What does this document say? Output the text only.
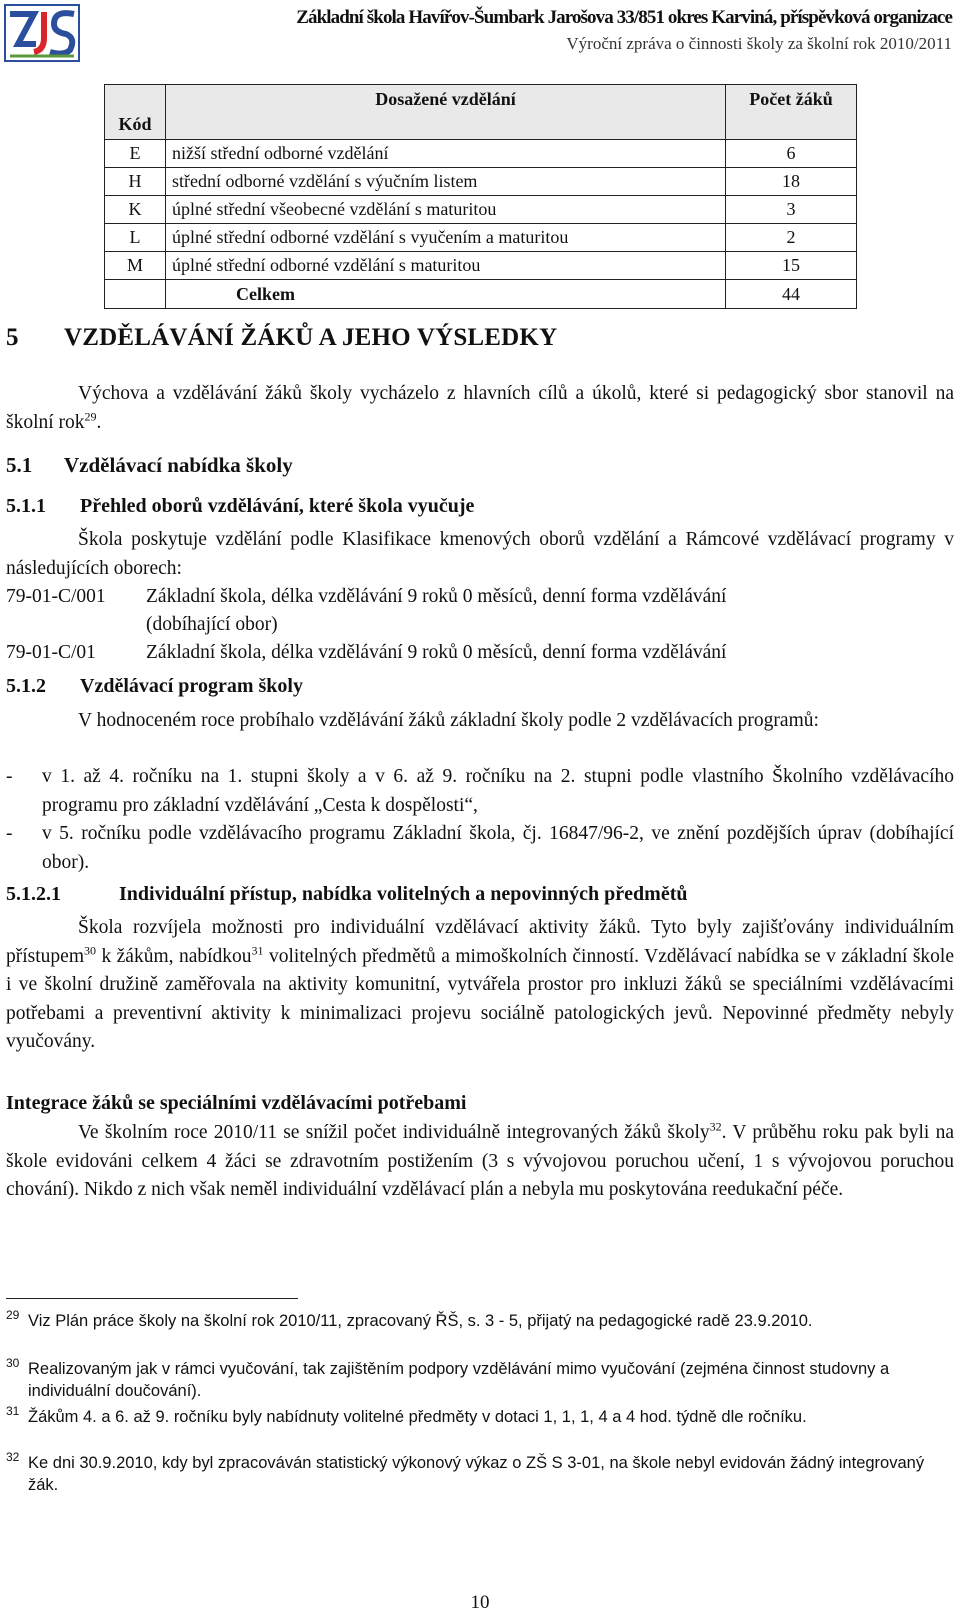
Základní škola Havířov-Šumbark Jarošova 33/851 okres Karviná, příspěvková organizace
Výroční zpráva o činnosti školy za školní rok 2010/2011
Kód	Dosažené vzdělání	Počet žáků

E	nižší střední odborné vzdělání	6
H	střední odborné vzdělání s výučním listem	18
K	úplné střední všeobecné vzdělání s maturitou	3
L	úplné střední odborné vzdělání s vyučením a maturitou	2
M	úplné střední odborné vzdělání s maturitou	15
	Celkem	44
5 VZDĚLÁVÁNÍ ŽÁKŮ A JEHO VÝSLEDKY
Výchova a vzdělávání žáků školy vycházelo z hlavních cílů a úkolů, které si pedagogický sbor stanovil na školní rok$^{29}$.
5.1 Vzdělávací nabídka školy
5.1.1 Přehled oborů vzdělávání, které škola vyučuje
Škola poskytuje vzdělání podle Klasifikace kmenových oborů vzdělání a Rámcové vzdělávací programy v následujících oborech:
79-01-C/001 Základní škola, délka vzdělávání 9 roků 0 měsíců, denní forma vzdělávání
(dobíhající obor)
79-01-C/01	Základní škola, délka vzdělávání 9 roků 0 měsíců, denní forma vzdělávání
5.1.2 Vzdělávací program školy
V hodnoceném roce probíhalo vzdělávání žáků základní školy podle 2 vzdělávacích programů:
- v 1. až 4. ročníku na 1. stupni školy a v 6. až 9. ročníku na 2. stupni podle vlastního Školního vzdělávacího programu pro základní vzdělávání „Cesta k dospělosti“,
- v 5. ročníku podle vzdělávacího programu Základní škola, čj. 16847/96-2, ve znění pozdějších úprav (dobíhající obor).
5.1.2.1	Individuální přístup, nabídka volitelných a nepovinných předmětů
Škola rozvíjela možnosti pro individuální vzdělávací aktivity žáků. Tyto byly zajišťovány individuálním přístupem$^{30}$ k žákům, nabídkou$^{31}$ volitelných předmětů a mimoškolních činností. Vzdělávací nabídka se v základní škole i ve školní družině zaměřovala na aktivity komunitní, vytvářela prostor pro inkluzi žáků se speciálními vzdělávacími potřebami a preventivní aktivity k minimalizaci projevu sociálně patologických jevů. Nepovinné předměty nebyly vyučovány.
Integrace žáků se speciálními vzdělávacími potřebami
Ve školním roce 2010/11 se snížil počet individuálně integrovaných žáků školy$^{32}$. V průběhu roku pak byli na škole evidováni celkem 4 žáci se zdravotním postižením (3 s vývojovou poruchou učení, 1 s vývojovou poruchou chování). Nikdo z nich však neměl individuální vzdělávací plán a nebyla mu poskytována reedukační péče.
29 Viz Plán práce školy na školní rok 2010/11, zpracovaný ŘŠ, s. 3 - 5, přijatý na pedagogické radě 23.9.2010.
30 Realizovaným jak v rámci vyučování, tak zajištěním podpory vzdělávání mimo vyučování (zejména činnost studovny a individuální doučování).
31 Žákům 4. a 6. až 9. ročníku byly nabídnuty volitelné předměty v dotaci 1, 1, 1, 4 a 4 hod. týdně dle ročníku.
32 Ke dni 30.9.2010, kdy byl zpracováván statistický výkonový výkaz o ZŠ S 3-01, na škole nebyl evidován žádný integrovaný žák.
10
